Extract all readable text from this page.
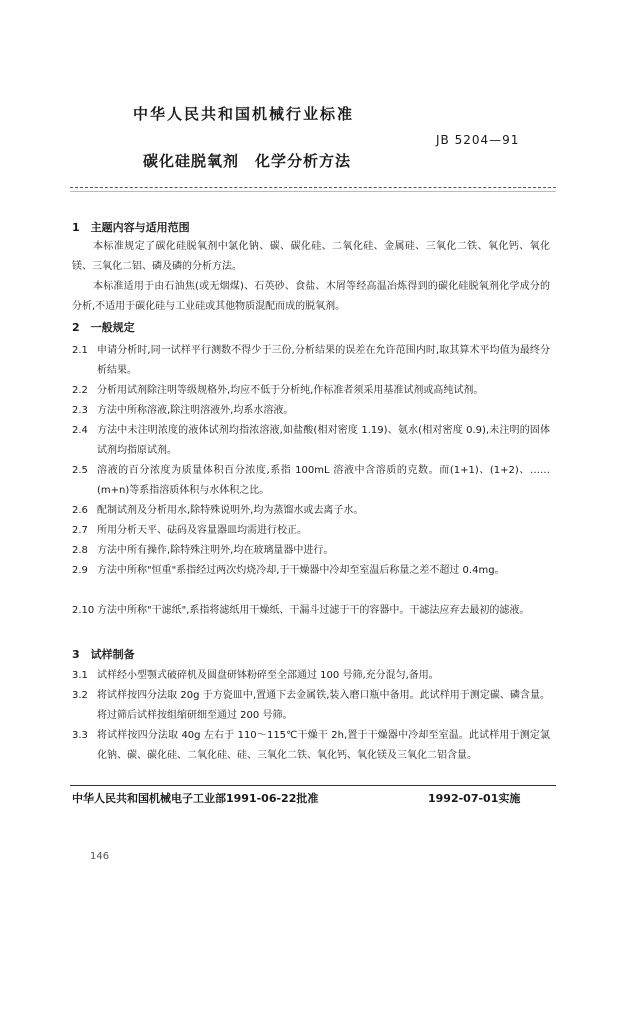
中华人民共和国机械行业标准
JB 5204—91
碳化硅脱氧剂　化学分析方法
1　主题内容与适用范围
本标准规定了碳化硅脱氧剂中氯化钠、碳、碳化硅、二氧化硅、金属硅、三氧化二铁、氧化钙、氧化镁、三氧化二铝、磷及磷的分析方法。
本标准适用于由石油焦(或无烟煤)、石英砂、食盐、木屑等经高温冶炼得到的碳化硅脱氧剂化学成分的分析,不适用于碳化硅与工业硅或其他物质混配而成的脱氧剂。
2　一般规定
2.1 申请分析时,同一试样平行测数不得少于三份,分析结果的误差在允许范围内时,取其算术平均值为最终分析结果。
2.2 分析用试剂除注明等级规格外,均应不低于分析纯,作标准者须采用基准试剂或高纯试剂。
2.3 方法中所称溶液,除注明溶液外,均系水溶液。
2.4 方法中未注明浓度的液体试剂均指浓溶液,如盐酸(相对密度 1.19)、氨水(相对密度 0.9),未注明的固体试剂均指原试剂。
2.5 溶液的百分浓度为质量体积百分浓度,系指 100mL 溶液中含溶质的克数。而(1+1)、(1+2)、……(m+n)等系指溶质体积与水体积之比。
2.6 配制试剂及分析用水,除特殊说明外,均为蒸馏水或去离子水。
2.7 所用分析天平、砝码及容量器皿均需进行校正。
2.8 方法中所有操作,除特殊注明外,均在玻璃量器中进行。
2.9 方法中所称"恒重"系指经过两次灼烧冷却,于干燥器中冷却至室温后称量之差不超过 0.4mg。
2.10 方法中所称"干滤纸",系指将滤纸用干燥纸、干漏斗过滤于干的容器中。干滤法应弃去最初的滤液。
3　试样制备
3.1 试样经小型颚式破碎机及圆盘研钵粉碎至全部通过 100 号筛,充分混匀,备用。
3.2 将试样按四分法取 20g 于方瓷皿中,置通下去金属铁,装入磨口瓶中备用。此试样用于测定碳、磷含量。将过筛后试样按组缩研细至通过 200 号筛。
3.3 将试样按四分法取 40g 左右于 110～115℃干燥干 2h,置于干燥器中冷却至室温。此试样用于测定氯化钠、碳、碳化硅、二氧化硅、硅、三氧化二铁、氧化钙、氧化镁及三氧化二铝含量。
中华人民共和国机械电子工业部1991-06-22批准	1992-07-01实施
146
